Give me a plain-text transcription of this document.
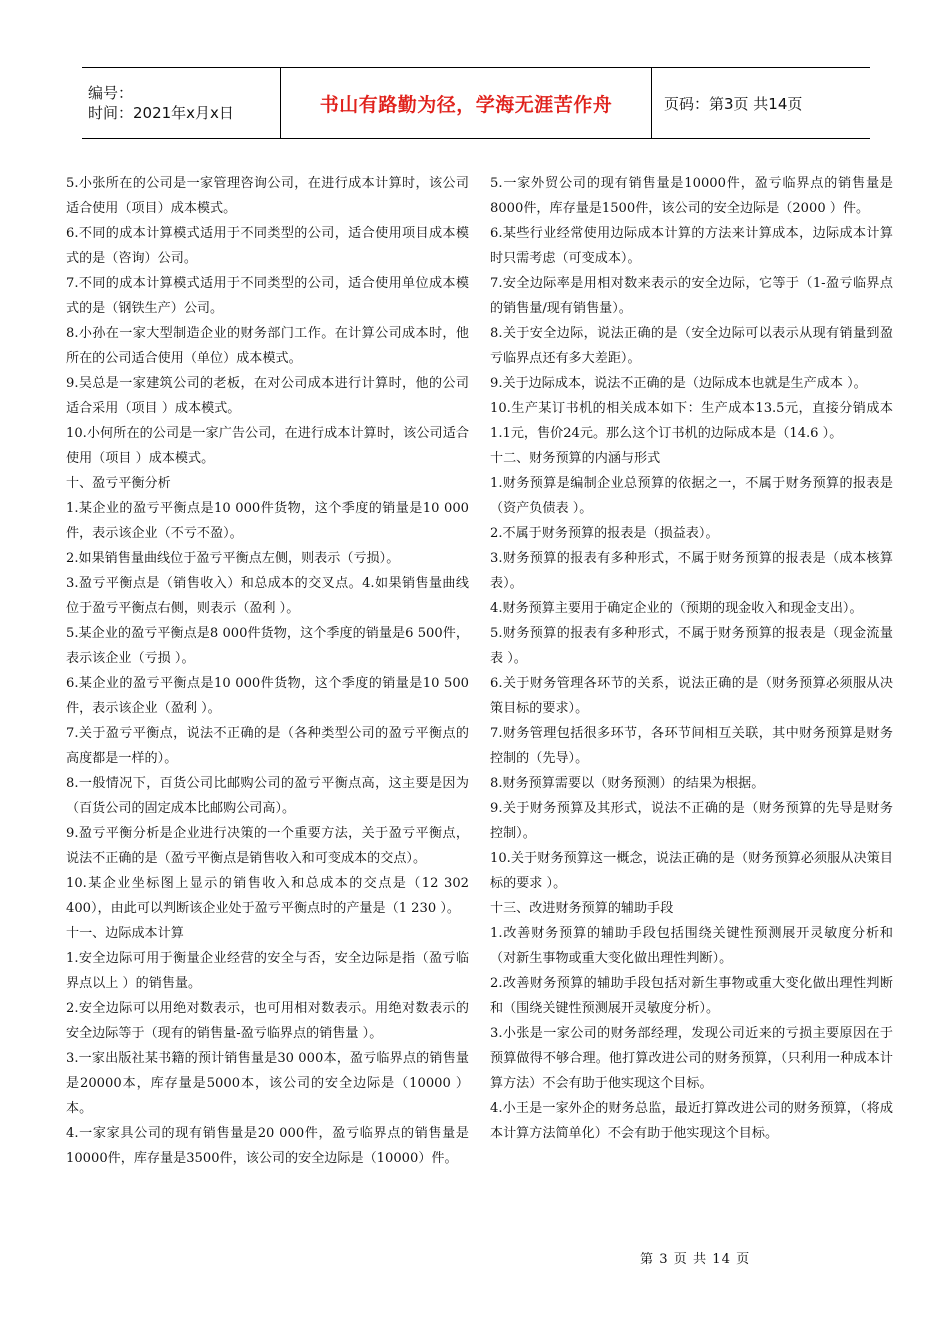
编号：
时间：2021年x月x日	书山有路勤为径，学海无涯苦作舟	页码：第3页 共14页

5.小张所在的公司是一家管理咨询公司，在进行成本计算时，该公司适合使用（项目）成本模式。

6.不同的成本计算模式适用于不同类型的公司，适合使用项目成本模式的是（咨询）公司。

7.不同的成本计算模式适用于不同类型的公司，适合使用单位成本模式的是（钢铁生产）公司。

8.小孙在一家大型制造企业的财务部门工作。在计算公司成本时，他所在的公司适合使用（单位）成本模式。

9.吴总是一家建筑公司的老板，在对公司成本进行计算时，他的公司适合采用（项目 ）成本模式。

10.小何所在的公司是一家广告公司，在进行成本计算时，该公司适合使用（项目 ）成本模式。

十、盈亏平衡分析

1.某企业的盈亏平衡点是10 000件货物，这个季度的销量是10 000件，表示该企业（不亏不盈）。

2.如果销售量曲线位于盈亏平衡点左侧，则表示（亏损）。

3.盈亏平衡点是（销售收入）和总成本的交叉点。4.如果销售量曲线位于盈亏平衡点右侧，则表示（盈利 ）。

5.某企业的盈亏平衡点是8 000件货物，这个季度的销量是6 500件，表示该企业（亏损 ）。

6.某企业的盈亏平衡点是10 000件货物，这个季度的销量是10 500件，表示该企业（盈利 ）。

7.关于盈亏平衡点，说法不正确的是（各种类型公司的盈亏平衡点的高度都是一样的）。

8.一般情况下，百货公司比邮购公司的盈亏平衡点高，这主要是因为（百货公司的固定成本比邮购公司高）。

9.盈亏平衡分析是企业进行决策的一个重要方法，关于盈亏平衡点，说法不正确的是（盈亏平衡点是销售收入和可变成本的交点）。

10.某企业坐标图上显示的销售收入和总成本的交点是（12 302 400），由此可以判断该企业处于盈亏平衡点时的产量是（1 230 ）。

十一、边际成本计算

1.安全边际可用于衡量企业经营的安全与否，安全边际是指（盈亏临界点以上 ）的销售量。

2.安全边际可以用绝对数表示，也可用相对数表示。用绝对数表示的安全边际等于（现有的销售量-盈亏临界点的销售量 ）。

3.一家出版社某书籍的预计销售量是30 000本，盈亏临界点的销售量是20000本，库存量是5000本，该公司的安全边际是（10000 ）本。

4.一家家具公司的现有销售量是20 000件，盈亏临界点的销售量是10000件，库存量是3500件，该公司的安全边际是（10000）件。

5.一家外贸公司的现有销售量是10000件，盈亏临界点的销售量是8000件，库存量是1500件，该公司的安全边际是（2000 ）件。

6.某些行业经常使用边际成本计算的方法来计算成本，边际成本计算时只需考虑（可变成本）。

7.安全边际率是用相对数来表示的安全边际，它等于（1-盈亏临界点的销售量/现有销售量）。

8.关于安全边际，说法正确的是（安全边际可以表示从现有销量到盈亏临界点还有多大差距）。

9.关于边际成本，说法不正确的是（边际成本也就是生产成本 ）。

10.生产某订书机的相关成本如下：生产成本13.5元，直接分销成本1.1元，售价24元。那么这个订书机的边际成本是（14.6 ）。

十二、财务预算的内涵与形式

1.财务预算是编制企业总预算的依据之一，不属于财务预算的报表是（资产负债表 ）。

2.不属于财务预算的报表是（损益表）。

3.财务预算的报表有多种形式，不属于财务预算的报表是（成本核算表）。

4.财务预算主要用于确定企业的（预期的现金收入和现金支出）。

5.财务预算的报表有多种形式，不属于财务预算的报表是（现金流量表 ）。

6.关于财务管理各环节的关系，说法正确的是（财务预算必须服从决策目标的要求）。

7.财务管理包括很多环节，各环节间相互关联，其中财务预算是财务控制的（先导）。

8.财务预算需要以（财务预测）的结果为根据。

9.关于财务预算及其形式，说法不正确的是（财务预算的先导是财务控制）。

10.关于财务预算这一概念，说法正确的是（财务预算必须服从决策目标的要求 ）。

十三、改进财务预算的辅助手段

1.改善财务预算的辅助手段包括围绕关键性预测展开灵敏度分析和（对新生事物或重大变化做出理性判断）。

2.改善财务预算的辅助手段包括对新生事物或重大变化做出理性判断和（围绕关键性预测展开灵敏度分析）。

3.小张是一家公司的财务部经理，发现公司近来的亏损主要原因在于预算做得不够合理。他打算改进公司的财务预算，（只利用一种成本计算方法）不会有助于他实现这个目标。

4.小王是一家外企的财务总监，最近打算改进公司的财务预算，（将成本计算方法简单化）不会有助于他实现这个目标。

第 3 页 共 14 页
